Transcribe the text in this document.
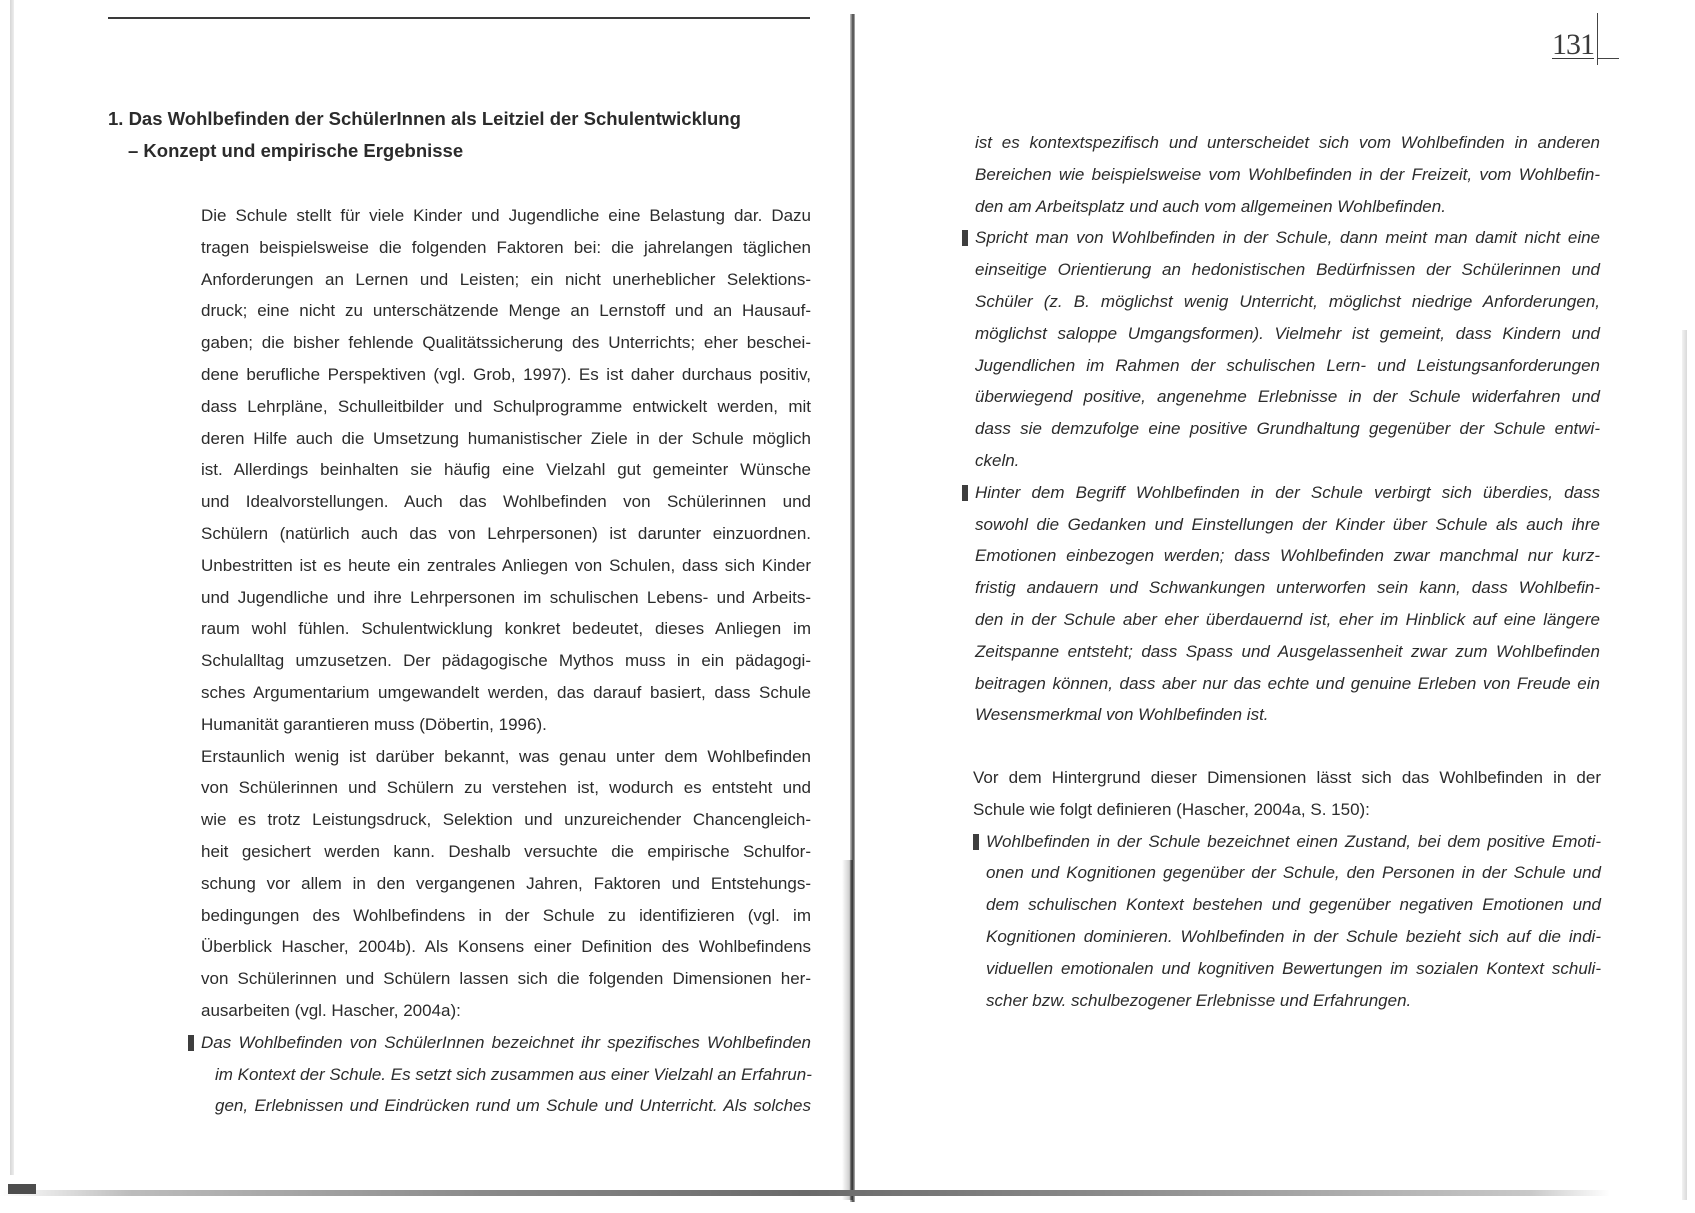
131
1. Das Wohlbefinden der SchülerInnen als Leitziel der Schulentwicklung
– Konzept und empirische Ergebnisse

Die Schule stellt für viele Kinder und Jugendliche eine Belastung dar. Dazu
tragen beispielsweise die folgenden Faktoren bei: die jahrelangen täglichen
Anforderungen an Lernen und Leisten; ein nicht unerheblicher Selektions-
druck; eine nicht zu unterschätzende Menge an Lernstoff und an Hausauf-
gaben; die bisher fehlende Qualitätssicherung des Unterrichts; eher beschei-
dene berufliche Perspektiven (vgl. Grob, 1997). Es ist daher durchaus positiv,
dass Lehrpläne, Schulleitbilder und Schulprogramme entwickelt werden, mit
deren Hilfe auch die Umsetzung humanistischer Ziele in der Schule möglich
ist. Allerdings beinhalten sie häufig eine Vielzahl gut gemeinter Wünsche
und Idealvorstellungen. Auch das Wohlbefinden von Schülerinnen und
Schülern (natürlich auch das von Lehrpersonen) ist darunter einzuordnen.
Unbestritten ist es heute ein zentrales Anliegen von Schulen, dass sich Kinder
und Jugendliche und ihre Lehrpersonen im schulischen Lebens- und Arbeits-
raum wohl fühlen. Schulentwicklung konkret bedeutet, dieses Anliegen im
Schulalltag umzusetzen. Der pädagogische Mythos muss in ein pädagogi-
sches Argumentarium umgewandelt werden, das darauf basiert, dass Schule
Humanität garantieren muss (Döbertin, 1996).

Erstaunlich wenig ist darüber bekannt, was genau unter dem Wohlbefinden
von Schülerinnen und Schülern zu verstehen ist, wodurch es entsteht und
wie es trotz Leistungsdruck, Selektion und unzureichender Chancengleich-
heit gesichert werden kann. Deshalb versuchte die empirische Schulfor-
schung vor allem in den vergangenen Jahren, Faktoren und Entstehungs-
bedingungen des Wohlbefindens in der Schule zu identifizieren (vgl. im
Überblick Hascher, 2004b). Als Konsens einer Definition des Wohlbefindens
von Schülerinnen und Schülern lassen sich die folgenden Dimensionen her-
ausarbeiten (vgl. Hascher, 2004a):

Das Wohlbefinden von SchülerInnen bezeichnet ihr spezifisches Wohlbefinden
im Kontext der Schule. Es setzt sich zusammen aus einer Vielzahl an Erfahrun-
gen, Erlebnissen und Eindrücken rund um Schule und Unterricht. Als solches

ist es kontextspezifisch und unterscheidet sich vom Wohlbefinden in anderen
Bereichen wie beispielsweise vom Wohlbefinden in der Freizeit, vom Wohlbefin-
den am Arbeitsplatz und auch vom allgemeinen Wohlbefinden.

Spricht man von Wohlbefinden in der Schule, dann meint man damit nicht eine
einseitige Orientierung an hedonistischen Bedürfnissen der Schülerinnen und
Schüler (z. B. möglichst wenig Unterricht, möglichst niedrige Anforderungen,
möglichst saloppe Umgangsformen). Vielmehr ist gemeint, dass Kindern und
Jugendlichen im Rahmen der schulischen Lern- und Leistungsanforderungen
überwiegend positive, angenehme Erlebnisse in der Schule widerfahren und
dass sie demzufolge eine positive Grundhaltung gegenüber der Schule entwi-
ckeln.

Hinter dem Begriff Wohlbefinden in der Schule verbirgt sich überdies, dass
sowohl die Gedanken und Einstellungen der Kinder über Schule als auch ihre
Emotionen einbezogen werden; dass Wohlbefinden zwar manchmal nur kurz-
fristig andauern und Schwankungen unterworfen sein kann, dass Wohlbefin-
den in der Schule aber eher überdauernd ist, eher im Hinblick auf eine längere
Zeitspanne entsteht; dass Spass und Ausgelassenheit zwar zum Wohlbefinden
beitragen können, dass aber nur das echte und genuine Erleben von Freude ein
Wesensmerkmal von Wohlbefinden ist.

Vor dem Hintergrund dieser Dimensionen lässt sich das Wohlbefinden in der
Schule wie folgt definieren (Hascher, 2004a, S. 150):

Wohlbefinden in der Schule bezeichnet einen Zustand, bei dem positive Emoti-
onen und Kognitionen gegenüber der Schule, den Personen in der Schule und
dem schulischen Kontext bestehen und gegenüber negativen Emotionen und
Kognitionen dominieren. Wohlbefinden in der Schule bezieht sich auf die indi-
viduellen emotionalen und kognitiven Bewertungen im sozialen Kontext schuli-
scher bzw. schulbezogener Erlebnisse und Erfahrungen.
